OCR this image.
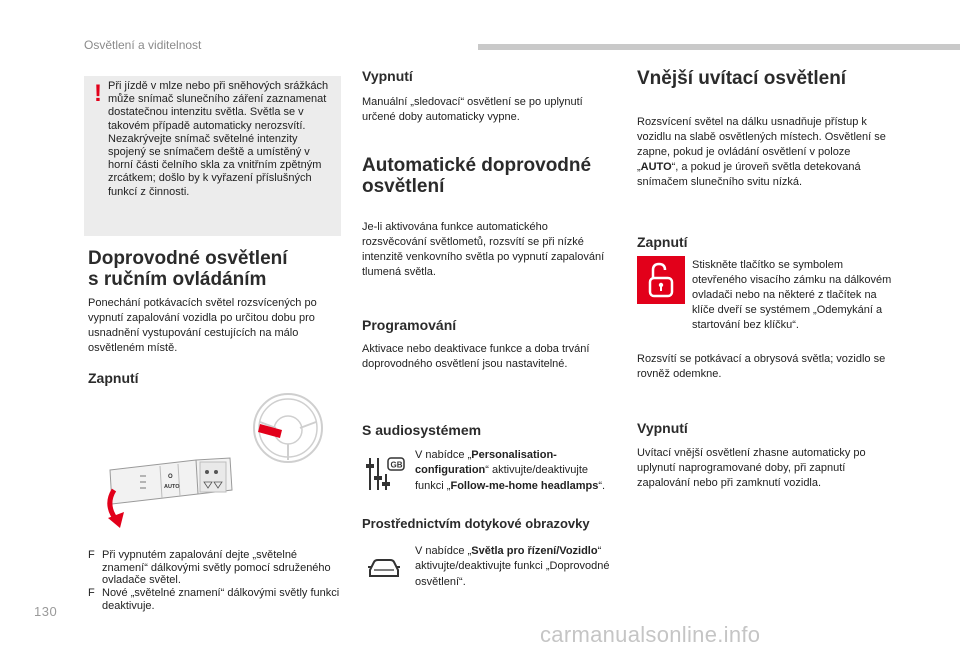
Osvětlení a viditelnost
130
! Při jízdě v mlze nebo při sněhových srážkách může snímač slunečního záření zaznamenat dostatečnou intenzitu světla. Světla se v takovém případě automaticky nerozsvítí.

Nezakrývejte snímač světelné intenzity spojený se snímačem deště a umístěný v horní části čelního skla za vnitřním zpětným zrcátkem; došlo by k vyřazení příslušných funkcí z činnosti.

Doprovodné osvětlení
s ručním ovládáním
Ponechání potkávacích světel rozsvícených po vypnutí zapalování vozidla po určitou dobu pro usnadnění vystupování cestujících na málo osvětleném místě.
Zapnutí
O
AUTO
F Při vypnutém zapalování dejte „světelné znamení“ dálkovými světly pomocí sdruženého ovladače světel.
F Nové „světelné znamení“ dálkovými světly funkci deaktivuje.
Vypnutí
Manuální „sledovací“ osvětlení se po uplynutí určené doby automaticky vypne.
Automatické doprovodné
osvětlení
Je-li aktivována funkce automatického rozsvěcování světlometů, rozsvítí se při nízké intenzitě venkovního světla po vypnutí zapalování tlumená světla.
Programování
Aktivace nebo deaktivace funkce a doba trvání doprovodného osvětlení jsou nastavitelné.
S audiosystémem
GB
V nabídce „Personalisation-configuration“ aktivujte/deaktivujte funkci „Follow-me-home headlamps“.
Prostřednictvím dotykové obrazovky
V nabídce „Světla pro řízení/Vozidlo“ aktivujte/deaktivujte funkci „Doprovodné osvětlení“.
Vnější uvítací osvětlení
Rozsvícení světel na dálku usnadňuje přístup k vozidlu na slabě osvětlených místech. Osvětlení se zapne, pokud je ovládání osvětlení v poloze „AUTO“, a pokud je úroveň světla detekovaná snímačem slunečního svitu nízká.
Zapnutí
Stiskněte tlačítko se symbolem otevřeného visacího zámku na dálkovém ovladači nebo na některé z tlačítek na klíče dveří se systémem „Odemykání a startování bez klíčku“.
Rozsvítí se potkávací a obrysová světla; vozidlo se rovněž odemkne.
Vypnutí
Uvítací vnější osvětlení zhasne automaticky po uplynutí naprogramované doby, při zapnutí zapalování nebo při zamknutí vozidla.
carmanualsonline.info
